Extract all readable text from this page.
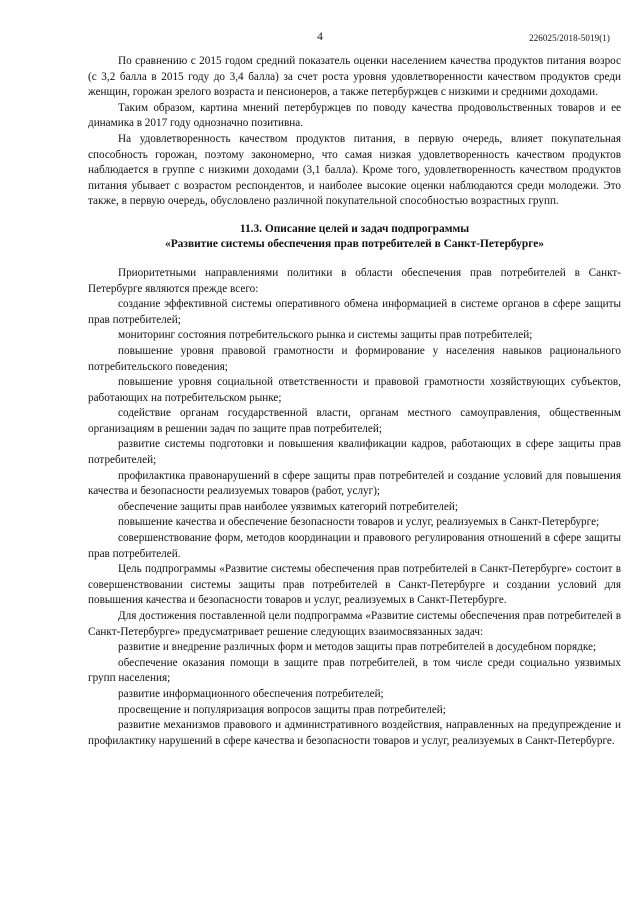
4	226025/2018-5019(1)

По сравнению с 2015 годом средний показатель оценки населением качества продуктов питания возрос (с 3,2 балла в 2015 году до 3,4 балла) за счет роста уровня удовлетворенности качеством продуктов среди женщин, горожан зрелого возраста и пенсионеров, а также петербуржцев с низкими и средними доходами.

Таким образом, картина мнений петербуржцев по поводу качества продовольственных товаров и ее динамика в 2017 году однозначно позитивна.

На удовлетворенность качеством продуктов питания, в первую очередь, влияет покупательная способность горожан, поэтому закономерно, что самая низкая удовлетворенность качеством продуктов наблюдается в группе с низкими доходами (3,1 балла). Кроме того, удовлетворенность качеством продуктов питания убывает с возрастом респондентов, и наиболее высокие оценки наблюдаются среди молодежи. Это также, в первую очередь, обусловлено различной покупательной способностью возрастных групп.

11.3. Описание целей и задач подпрограммы
«Развитие системы обеспечения прав потребителей в Санкт-Петербурге»

Приоритетными направлениями политики в области обеспечения прав потребителей в Санкт-Петербурге являются прежде всего:

создание эффективной системы оперативного обмена информацией в системе органов в сфере защиты прав потребителей;

мониторинг состояния потребительского рынка и системы защиты прав потребителей;

повышение уровня правовой грамотности и формирование у населения навыков рационального потребительского поведения;

повышение уровня социальной ответственности и правовой грамотности хозяйствующих субъектов, работающих на потребительском рынке;

содействие органам государственной власти, органам местного самоуправления, общественным организациям в решении задач по защите прав потребителей;

развитие системы подготовки и повышения квалификации кадров, работающих в сфере защиты прав потребителей;

профилактика правонарушений в сфере защиты прав потребителей и создание условий для повышения качества и безопасности реализуемых товаров (работ, услуг);

обеспечение защиты прав наиболее уязвимых категорий потребителей;

повышение качества и обеспечение безопасности товаров и услуг, реализуемых в Санкт-Петербурге;

совершенствование форм, методов координации и правового регулирования отношений в сфере защиты прав потребителей.

Цель подпрограммы «Развитие системы обеспечения прав потребителей в Санкт-Петербурге» состоит в совершенствовании системы защиты прав потребителей в Санкт-Петербурге и создании условий для повышения качества и безопасности товаров и услуг, реализуемых в Санкт-Петербурге.

Для достижения поставленной цели подпрограмма «Развитие системы обеспечения прав потребителей в Санкт-Петербурге» предусматривает решение следующих взаимосвязанных задач:

развитие и внедрение различных форм и методов защиты прав потребителей в досудебном порядке;

обеспечение оказания помощи в защите прав потребителей, в том числе среди социально уязвимых групп населения;

развитие информационного обеспечения потребителей;

просвещение и популяризация вопросов защиты прав потребителей;

развитие механизмов правового и административного воздействия, направленных на предупреждение и профилактику нарушений в сфере качества и безопасности товаров и услуг, реализуемых в Санкт-Петербурге.
